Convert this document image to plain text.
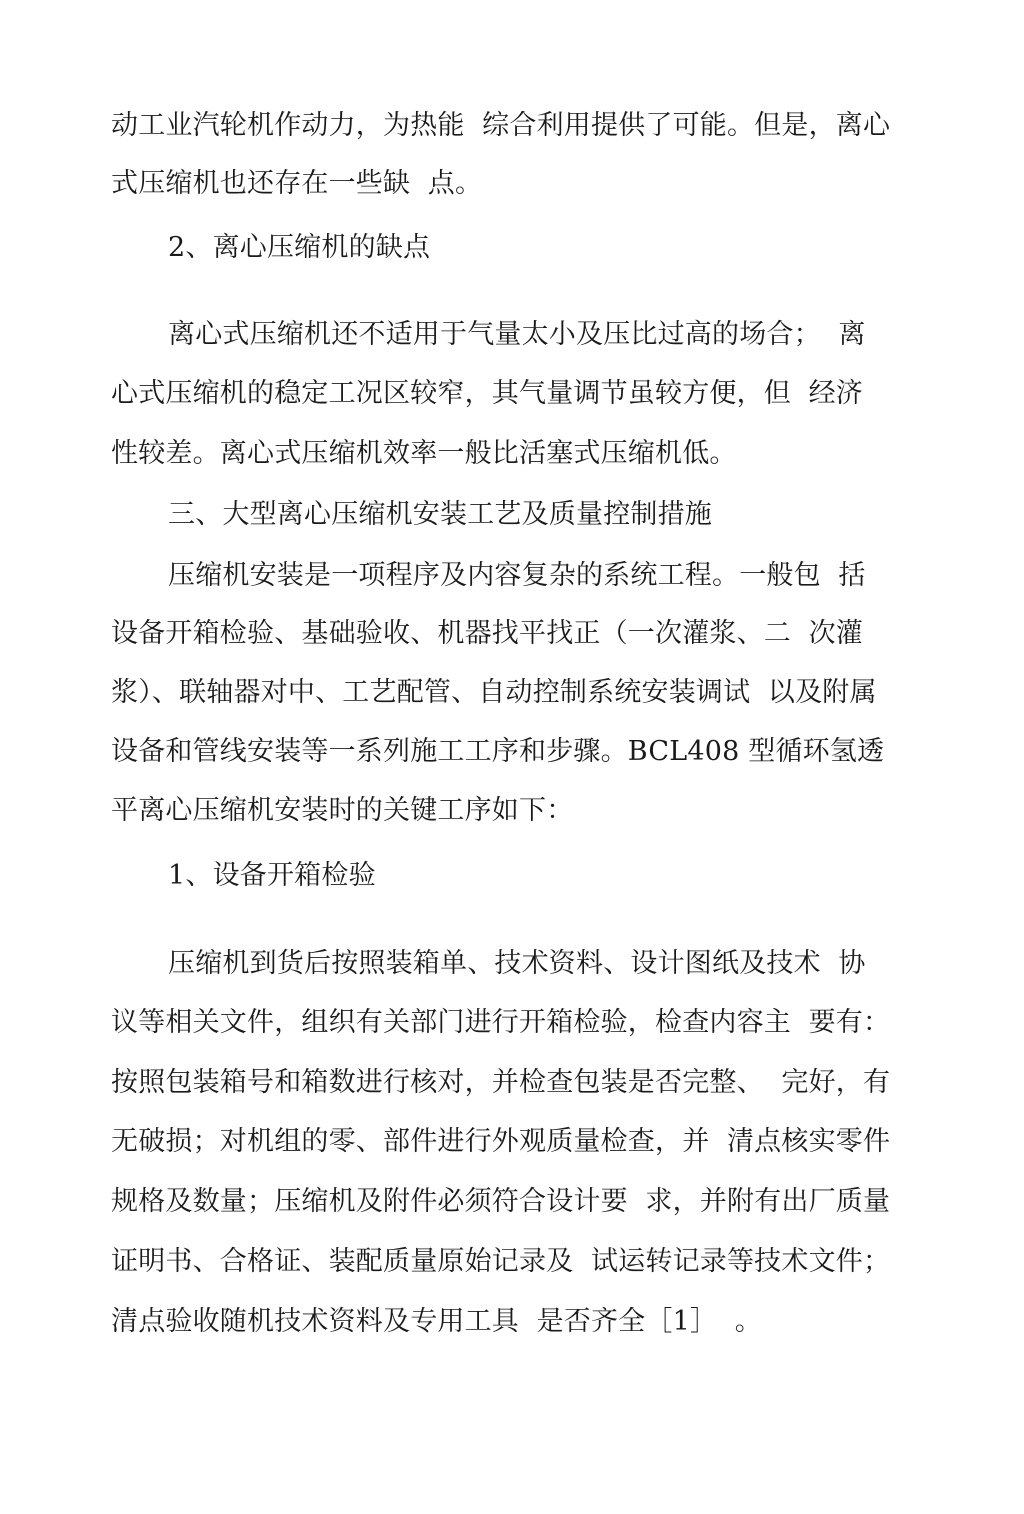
动工业汽轮机作动力，为热能  综合利用提供了可能。但是，离心
式压缩机也还存在一些缺  点。
2、离心压缩机的缺点
离心式压缩机还不适用于气量太小及压比过高的场合；  离
心式压缩机的稳定工况区较窄，其气量调节虽较方便，但  经济
性较差。离心式压缩机效率一般比活塞式压缩机低。
三、大型离心压缩机安装工艺及质量控制措施
压缩机安装是一项程序及内容复杂的系统工程。一般包  括
设备开箱检验、基础验收、机器找平找正（一次灌浆、二  次灌
浆）、联轴器对中、工艺配管、自动控制系统安装调试  以及附属
设备和管线安装等一系列施工工序和步骤。BCL408 型循环氢透
平离心压缩机安装时的关键工序如下：
1、设备开箱检验
压缩机到货后按照装箱单、技术资料、设计图纸及技术  协
议等相关文件，组织有关部门进行开箱检验，检查内容主  要有：
按照包装箱号和箱数进行核对，并检查包装是否完整、  完好，有
无破损；对机组的零、部件进行外观质量检查，并  清点核实零件
规格及数量；压缩机及附件必须符合设计要  求，并附有出厂质量
证明书、合格证、装配质量原始记录及  试运转记录等技术文件；
清点验收随机技术资料及专用工具  是否齐全［1］  。
